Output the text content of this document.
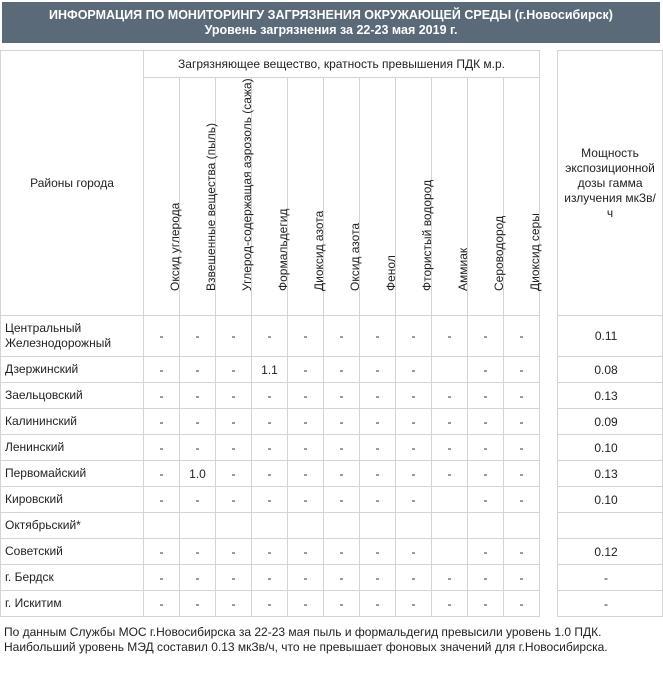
ИНФОРМАЦИЯ ПО МОНИТОРИНГУ ЗАГРЯЗНЕНИЯ ОКРУЖАЮЩЕЙ СРЕДЫ (г.Новосибирск)
Уровень загрязнения за 22-23 мая 2019 г.
Районы города	Загрязняющее вещество, кратность превышения ПДК м.р.												Мощность экспозиционной дозы гамма излучения мкЗв/ч

	Оксид углерода	Взвешенные вещества (пыль)	Углерод-содержащая аэрозоль (сажа)	Формальдегид	Диоксид азота	Оксид азота	Фенол	Фтористый водород	Аммиак	Сероводород	Диоксид серы		

Центральный Железнодорожный	-	-	-	-	-	-	-	-	-	-	-		0.11
Дзержинский	-	-	-	1.1	-	-	-	-		-	-		0.08
Заельцовский	-	-	-	-	-	-	-	-	-	-	-		0.13
Калининский	-	-	-	-	-	-	-	-	-	-	-		0.09
Ленинский	-	-	-	-	-	-	-	-	-	-	-		0.10
Первомайский	-	1.0	-	-	-	-	-	-	-	-	-		0.13
Кировский	-	-	-	-	-	-	-	-		-	-		0.10
Октябрьский*													
Советский	-	-	-	-	-	-	-	-		-	-		0.12
г. Бердск	-	-	-	-	-	-	-	-	-	-	-		-
г. Искитим	-	-	-	-	-	-	-	-	-	-	-		-
По данным Службы МОС г.Новосибирска за 22-23 мая пыль и формальдегид превысили уровень 1.0 ПДК. Наибольший уровень МЭД составил 0.13 мкЗв/ч, что не превышает фоновых значений для г.Новосибирска.
